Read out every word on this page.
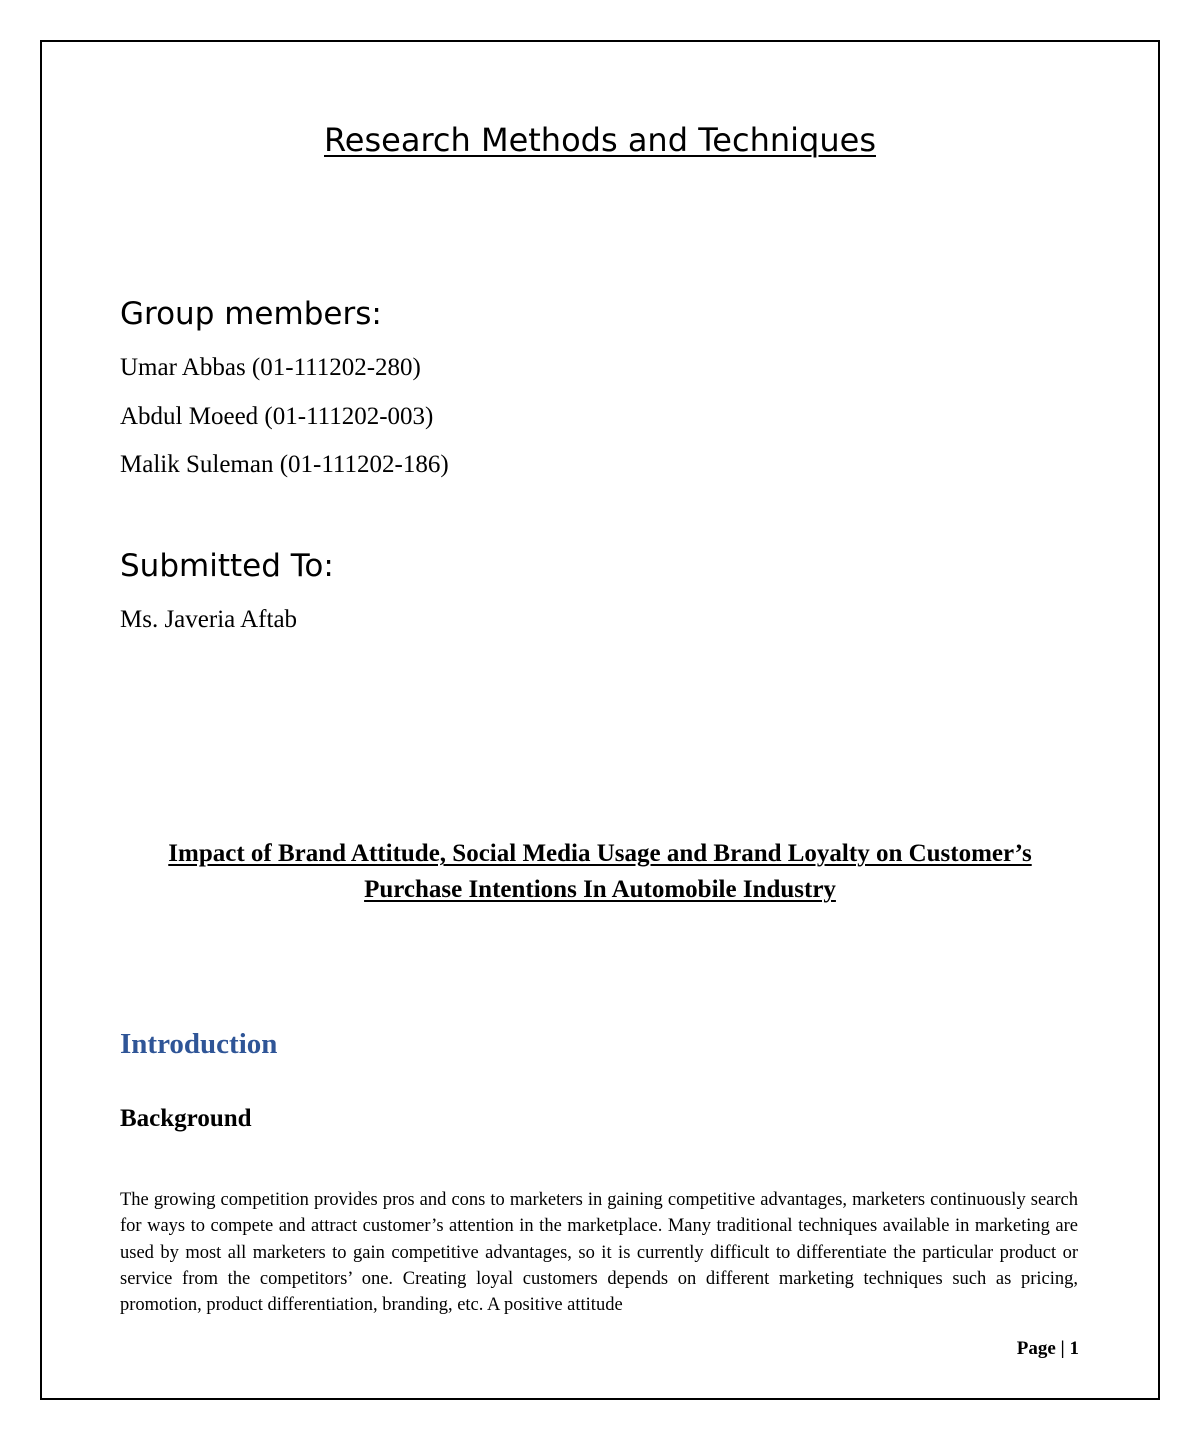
Research Methods and Techniques
Group members:
Umar Abbas (01-111202-280)
Abdul Moeed (01-111202-003)
Malik Suleman (01-111202-186)
Submitted To:
Ms. Javeria Aftab
Impact of Brand Attitude, Social Media Usage and Brand Loyalty on Customer’s Purchase Intentions In Automobile Industry
Introduction
Background
The growing competition provides pros and cons to marketers in gaining competitive advantages, marketers continuously search for ways to compete and attract customer’s attention in the marketplace. Many traditional techniques available in marketing are used by most all marketers to gain competitive advantages, so it is currently difficult to differentiate the particular product or service from the competitors’ one. Creating loyal customers depends on different marketing techniques such as pricing, promotion, product differentiation, branding, etc. A positive attitude
Page | 1
